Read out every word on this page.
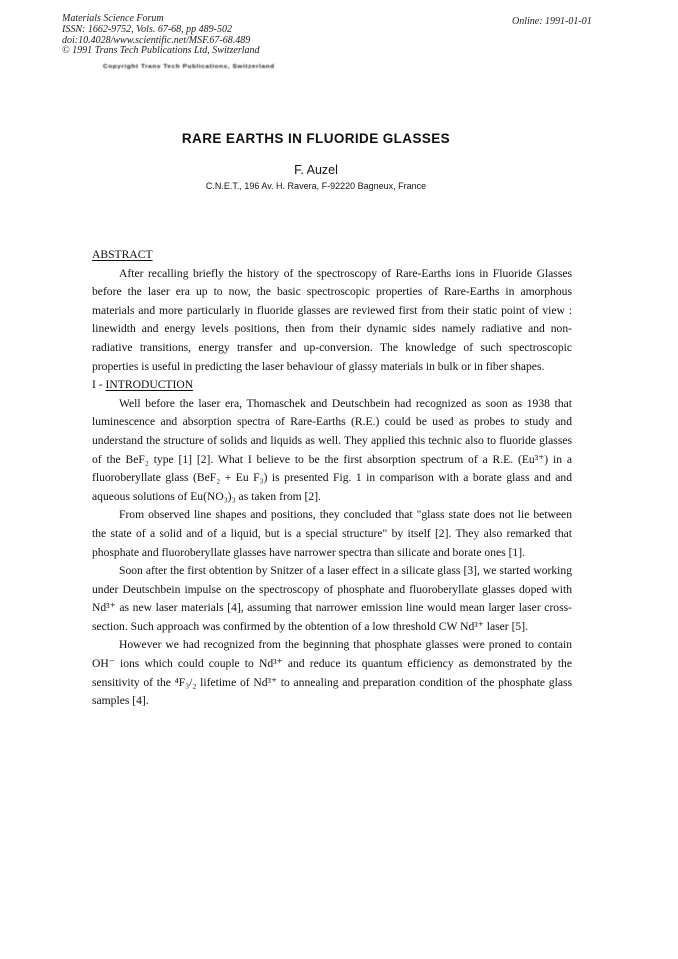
Materials Science Forum
ISSN: 1662-9752, Vols. 67-68, pp 489-502
doi:10.4028/www.scientific.net/MSF.67-68.489
© 1991 Trans Tech Publications Ltd, Switzerland
Copyright Trans Tech Publications, Switzerland
Online: 1991-01-01
RARE EARTHS IN FLUORIDE GLASSES
F. Auzel
C.N.E.T., 196 Av. H. Ravera, F-92220 Bagneux, France
ABSTRACT

After recalling briefly the history of the spectroscopy of Rare-Earths ions in Fluoride Glasses before the laser era up to now, the basic spectroscopic properties of Rare-Earths in amorphous materials and more particularly in fluoride glasses are reviewed first from their static point of view : linewidth and energy levels positions, then from their dynamic sides namely radiative and non-radiative transitions, energy transfer and up-conversion. The knowledge of such spectroscopic properties is useful in predicting the laser behaviour of glassy materials in bulk or in fiber shapes.

I - INTRODUCTION

Well before the laser era, Thomaschek and Deutschbein had recognized as soon as 1938 that luminescence and absorption spectra of Rare-Earths (R.E.) could be used as probes to study and understand the structure of solids and liquids as well. They applied this technic also to fluoride glasses of the BeF₂ type [1] [2]. What I believe to be the first absorption spectrum of a R.E. (Eu³⁺) in a fluoroberyllate glass (BeF₂ + Eu F₃) is presented Fig. 1 in comparison with a borate glass and and aqueous solutions of Eu(NO₃)₃ as taken from [2].

From observed line shapes and positions, they concluded that "glass state does not lie between the state of a solid and of a liquid, but is a special structure" by itself [2]. They also remarked that phosphate and fluoroberyllate glasses have narrower spectra than silicate and borate ones [1].

Soon after the first obtention by Snitzer of a laser effect in a silicate glass [3], we started working under Deutschbein impulse on the spectroscopy of phosphate and fluoroberyllate glasses doped with Nd³⁺ as new laser materials [4], assuming that narrower emission line would mean larger laser cross-section. Such approach was confirmed by the obtention of a low threshold CW Nd³⁺ laser [5].

However we had recognized from the beginning that phosphate glasses were proned to contain OH⁻ ions which could couple to Nd³⁺ and reduce its quantum efficiency as demonstrated by the sensitivity of the ⁴F₃/₂ lifetime of Nd³⁺ to annealing and preparation condition of the phosphate glass samples [4].
